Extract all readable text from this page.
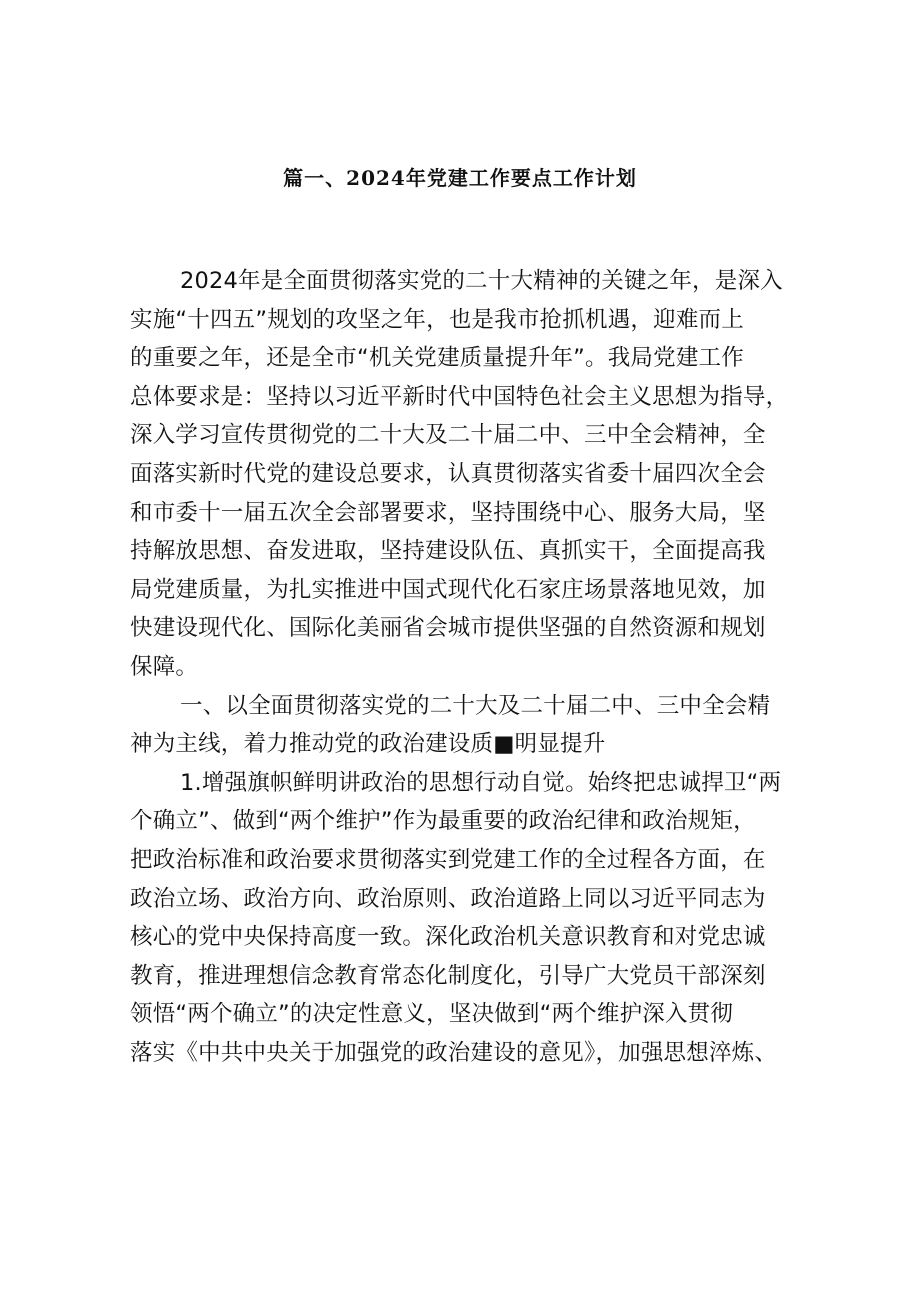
篇一、2024年党建工作要点工作计划
2024年是全面贯彻落实党的二十大精神的关键之年，是深入
实施“十四五”规划的攻坚之年，也是我市抢抓机遇，迎难而上
的重要之年，还是全市“机关党建质量提升年”。我局党建工作
总体要求是：坚持以习近平新时代中国特色社会主义思想为指导，
深入学习宣传贯彻党的二十大及二十届二中、三中全会精神，全
面落实新时代党的建设总要求，认真贯彻落实省委十届四次全会
和市委十一届五次全会部署要求，坚持围绕中心、服务大局，坚
持解放思想、奋发进取，坚持建设队伍、真抓实干，全面提高我
局党建质量，为扎实推进中国式现代化石家庄场景落地见效，加
快建设现代化、国际化美丽省会城市提供坚强的自然资源和规划
保障。
一、以全面贯彻落实党的二十大及二十届二中、三中全会精
神为主线，着力推动党的政治建设质■明显提升
1.增强旗帜鲜明讲政治的思想行动自觉。始终把忠诚捍卫“两
个确立”、做到“两个维护”作为最重要的政治纪律和政治规矩，
把政治标准和政治要求贯彻落实到党建工作的全过程各方面，在
政治立场、政治方向、政治原则、政治道路上同以习近平同志为
核心的党中央保持高度一致。深化政治机关意识教育和对党忠诚
教育，推进理想信念教育常态化制度化，引导广大党员干部深刻
领悟“两个确立”的决定性意义，坚决做到“两个维护深入贯彻
落实《中共中央关于加强党的政治建设的意见》，加强思想淬炼、
